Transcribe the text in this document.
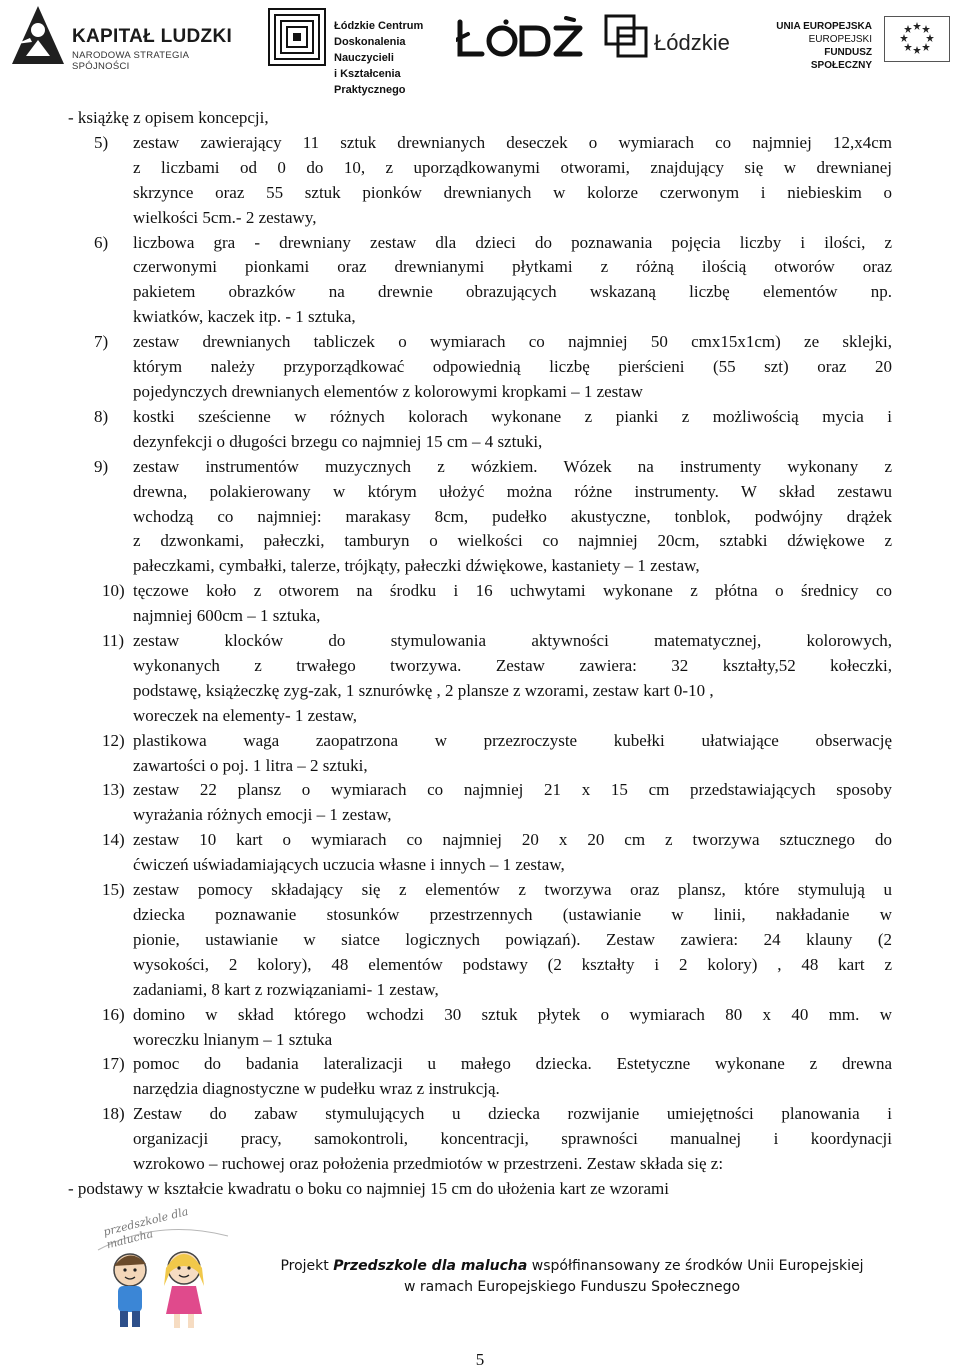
KAPITAŁ LUDZKI
NARODOWA STRATEGIA SPÓJNOŚCI
Łódzkie Centrum
Doskonalenia Nauczycieli
i Kształcenia Praktycznego
Łódzkie
UNIA EUROPEJSKA
EUROPEJSKI
FUNDUSZ SPOŁECZNY
- książkę z opisem koncepcji,
5)	zestaw zawierający 11 sztuk drewnianych deseczek o wymiarach co najmniej 12,x4cm
z liczbami od 0 do 10, z uporządkowanymi otworami, znajdujący się w drewnianej
skrzynce oraz 55 sztuk pionków drewnianych w kolorze czerwonym i niebieskim o
wielkości 5cm.- 2 zestawy,
6)	liczbowa gra - drewniany zestaw dla dzieci do poznawania pojęcia liczby i ilości, z
czerwonymi pionkami oraz drewnianymi płytkami z różną ilością otworów oraz
pakietem obrazków na drewnie obrazujących wskazaną liczbę elementów np.
kwiatków, kaczek itp. - 1 sztuka,
7)	zestaw drewnianych tabliczek o wymiarach co najmniej 50 cmx15x1cm) ze sklejki,
którym należy przyporządkować odpowiednią liczbę pierścieni (55 szt) oraz 20
pojedynczych drewnianych elementów z kolorowymi kropkami – 1 zestaw
8)	kostki sześcienne w różnych kolorach wykonane z pianki z możliwością mycia i
dezynfekcji o długości brzegu co najmniej 15 cm – 4 sztuki,
9)	zestaw instrumentów muzycznych z wózkiem. Wózek na instrumenty wykonany z
drewna, polakierowany w którym ułożyć można różne instrumenty. W skład zestawu
wchodzą co najmniej: marakasy 8cm, pudełko akustyczne, tonblok, podwójny drążek
z dzwonkami, pałeczki, tamburyn o wielkości co najmniej 20cm, sztabki dźwiękowe z
pałeczkami, cymbałki, talerze, trójkąty, pałeczki dźwiękowe, kastaniety – 1 zestaw,
10) tęczowe koło z otworem na środku i 16 uchwytami wykonane z płótna o średnicy co
najmniej 600cm – 1 sztuka,
11) zestaw klocków do stymulowania aktywności matematycznej, kolorowych,
wykonanych z trwałego tworzywa. Zestaw zawiera: 32 kształty,52 kołeczki,
podstawę, książeczkę zyg-zak, 1 sznurówkę , 2 plansze z wzorami, zestaw kart 0-10 ,
woreczek na elementy- 1 zestaw,
12) plastikowa waga zaopatrzona w przezroczyste kubełki ułatwiające obserwację
zawartości o poj. 1 litra – 2 sztuki,
13) zestaw 22 plansz o wymiarach co najmniej 21 x 15 cm przedstawiających sposoby
wyrażania różnych emocji – 1 zestaw,
14) zestaw 10 kart o wymiarach co najmniej 20 x 20 cm z tworzywa sztucznego do
ćwiczeń uświadamiających uczucia własne i innych – 1 zestaw,
15) zestaw pomocy składający się z elementów z tworzywa oraz plansz, które stymulują u
dziecka poznawanie stosunków przestrzennych (ustawianie w linii, nakładanie w
pionie, ustawianie w siatce logicznych powiązań). Zestaw zawiera: 24 klauny (2
wysokości, 2 kolory), 48 elementów podstawy (2 kształty i 2 kolory) , 48 kart z
zadaniami, 8 kart z rozwiązaniami- 1 zestaw,
16) domino w skład którego wchodzi 30 sztuk płytek o wymiarach 80 x 40 mm. w
woreczku lnianym – 1 sztuka
17) pomoc do badania lateralizacji u małego dziecka. Estetyczne wykonane z drewna
narzędzia diagnostyczne w pudełku wraz z instrukcją.
18) Zestaw do zabaw stymulujących u dziecka rozwijanie umiejętności planowania i
organizacji pracy, samokontroli, koncentracji, sprawności manualnej i koordynacji
wzrokowo – ruchowej oraz położenia przedmiotów w przestrzeni. Zestaw składa się z:
- podstawy w kształcie kwadratu o boku co najmniej 15 cm do ułożenia kart ze wzorami
przedszkole dla malucha
Projekt Przedszkole dla malucha współfinansowany ze środków Unii Europejskiej
w ramach Europejskiego Funduszu Społecznego
5
